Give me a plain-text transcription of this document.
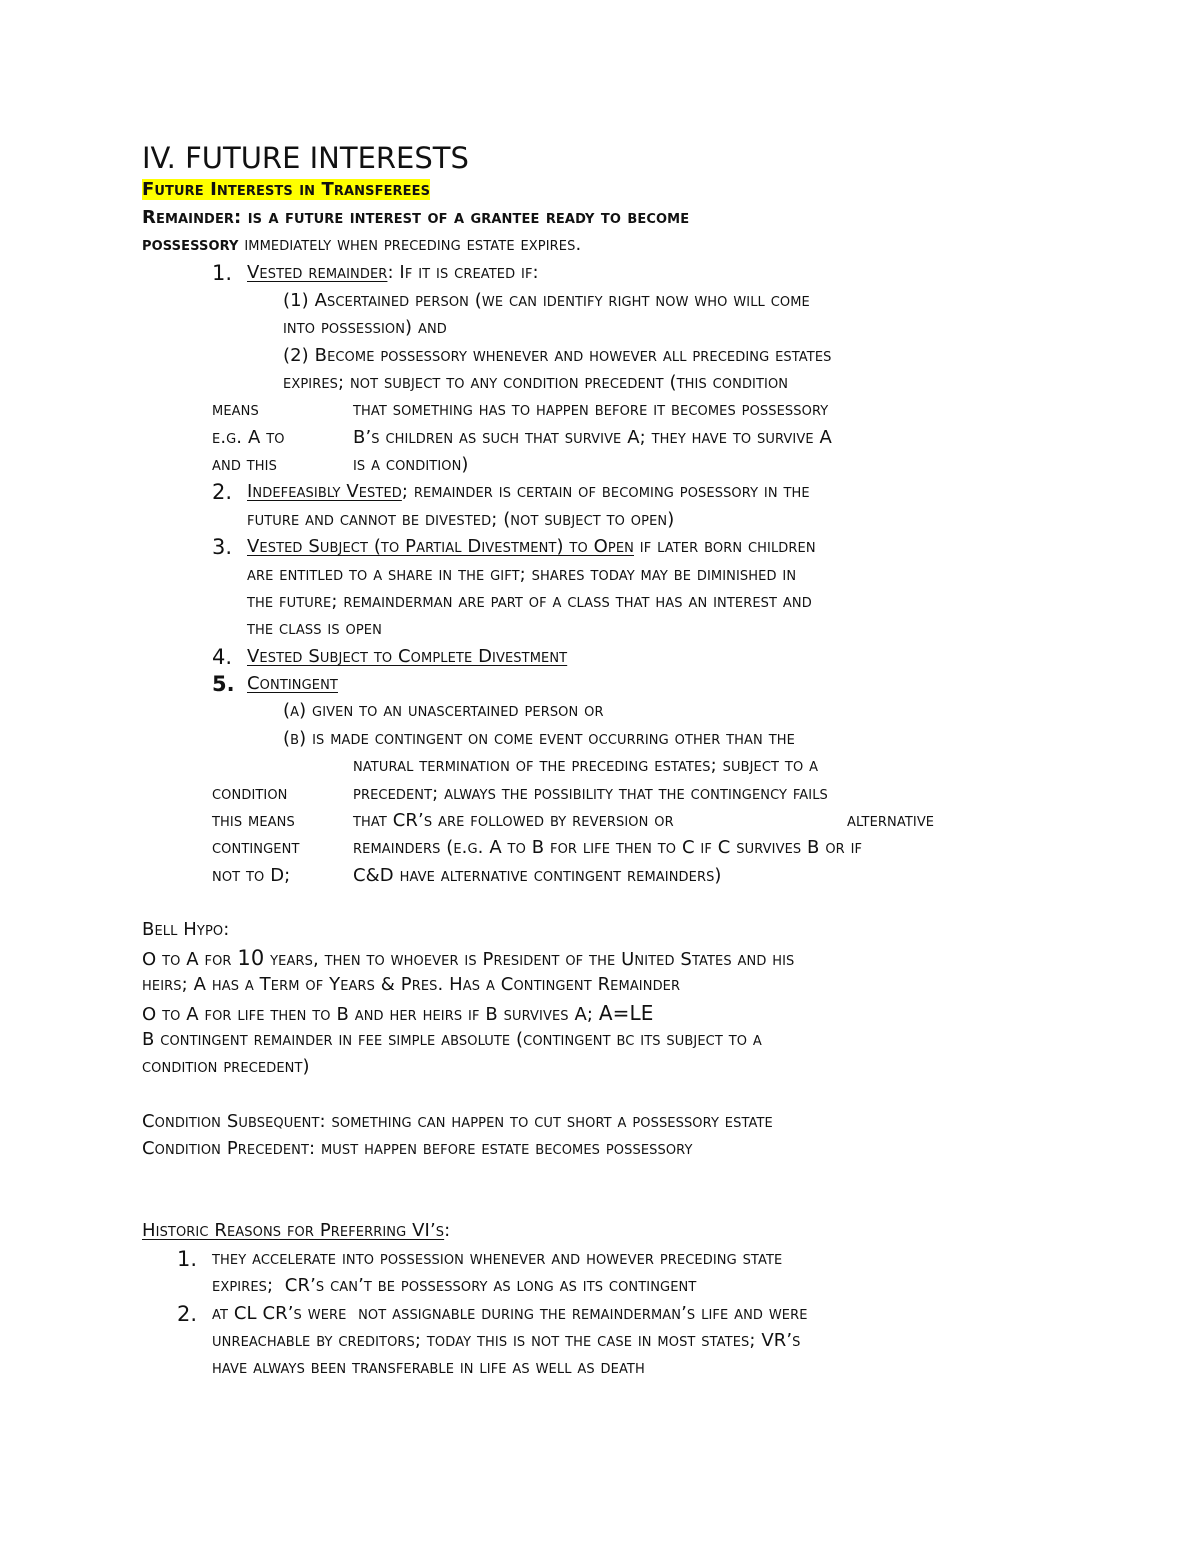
IV. FUTURE INTERESTS
Future Interests in Transferees
Remainder: is a future interest of a grantee ready to become
possessory immediately when preceding estate expires.
1. Vested remainder: If it is created if:
(1) Ascertained person (we can identify right now who will come
into possession) and
(2) Become possessory whenever and however all preceding estates
expires; not subject to any condition precedent (this condition
means	that something has to happen before it becomes possessory
e.g. A to	B’s children as such that survive A; they have to survive A
and this	is a condition)
2. Indefeasibly Vested; remainder is certain of becoming posessory in the
future and cannot be divested; (not subject to open)
3. Vested Subject (to Partial Divestment) to Open if later born children
are entitled to a share in the gift; shares today may be diminished in
the future; remainderman are part of a class that has an interest and
the class is open
4. Vested Subject to Complete Divestment
5. Contingent
(a) given to an unascertained person or
(b) is made contingent on come event occurring other than the
natural termination of the preceding estates; subject to a
condition	precedent; always the possibility that the contingency fails
this means	that CR’s are followed by reversion or	alternative
contingent	remainders (e.g. A to B for life then to C if C survives B or if
not to D;	C&D have alternative contingent remainders)
Bell Hypo:
O to A for 10 years, then to whoever is President of the United States and his
heirs; A has a Term of Years & Pres. Has a Contingent Remainder
O to A for life then to B and her heirs if B survives A; A=LE
B contingent remainder in fee simple absolute (contingent bc its subject to a
condition precedent)
Condition Subsequent: something can happen to cut short a possessory estate
Condition Precedent: must happen before estate becomes possessory
Historic Reasons for Preferring VI’s:
1. they accelerate into possession whenever and however preceding state
expires;  CR’s can’t be possessory as long as its contingent
2. at CL CR’s were  not assignable during the remainderman’s life and were
unreachable by creditors; today this is not the case in most states; VR’s
have always been transferable in life as well as death
